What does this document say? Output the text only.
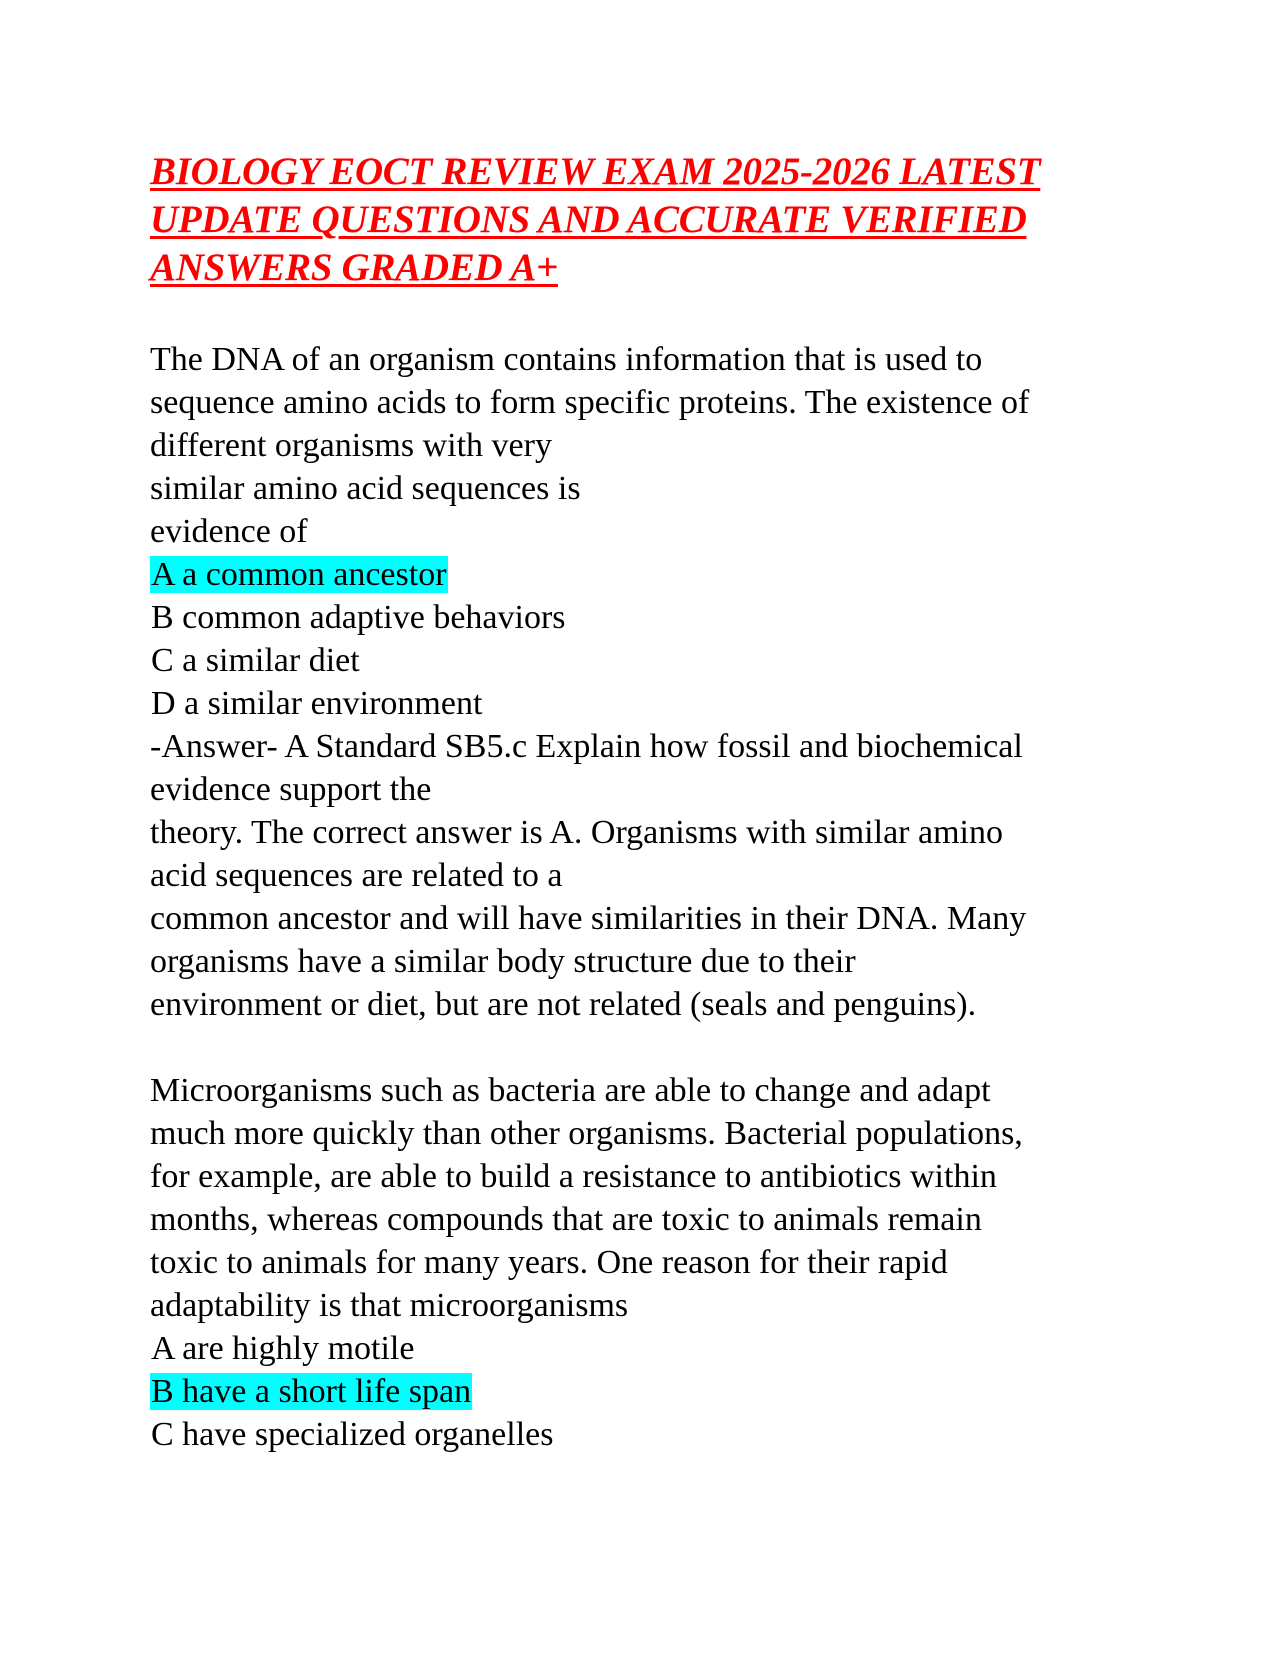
BIOLOGY EOCT REVIEW EXAM 2025-2026 LATEST
UPDATE QUESTIONS AND ACCURATE VERIFIED
ANSWERS GRADED A+
The DNA of an organism contains information that is used to
sequence amino acids to form specific proteins. The existence of
different organisms with very
similar amino acid sequences is
evidence of
A a common ancestor
B common adaptive behaviors
C a similar diet
D a similar environment
-Answer- A Standard SB5.c Explain how fossil and biochemical
evidence support the
theory. The correct answer is A. Organisms with similar amino
acid sequences are related to a
common ancestor and will have similarities in their DNA. Many
organisms have a similar body structure due to their
environment or diet, but are not related (seals and penguins).
Microorganisms such as bacteria are able to change and adapt
much more quickly than other organisms. Bacterial populations,
for example, are able to build a resistance to antibiotics within
months, whereas compounds that are toxic to animals remain
toxic to animals for many years. One reason for their rapid
adaptability is that microorganisms
A are highly motile
B have a short life span
C have specialized organelles
